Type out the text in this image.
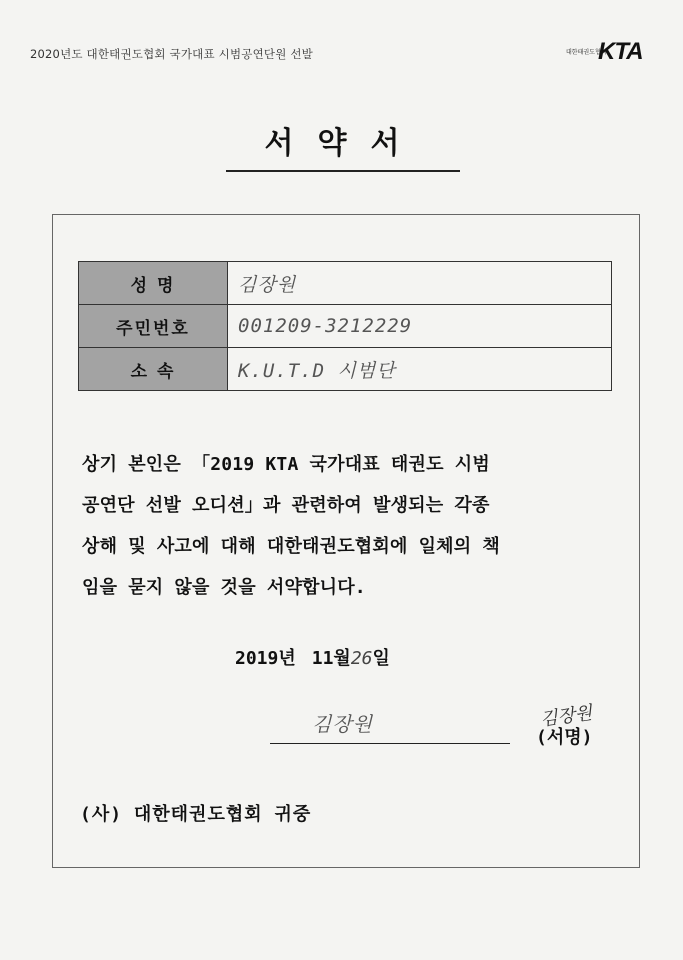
2020년도 대한태권도협회 국가대표 시범공연단원 선발	대한태권도협회
KTA
서약서
성 명	김장원
주민번호	001209-3212229
소 속	K.U.T.D 시범단

상기 본인은 「2019 KTA 국가대표 태권도 시범

공연단 선발 오디션」과 관련하여 발생되는 각종

상해 및 사고에 대해 대한태권도협회에 일체의 책

임을 묻지 않을 것을 서약합니다.

2019년 11월26일
김장원	김장원
(서명)
(사) 대한태권도협회 귀중
